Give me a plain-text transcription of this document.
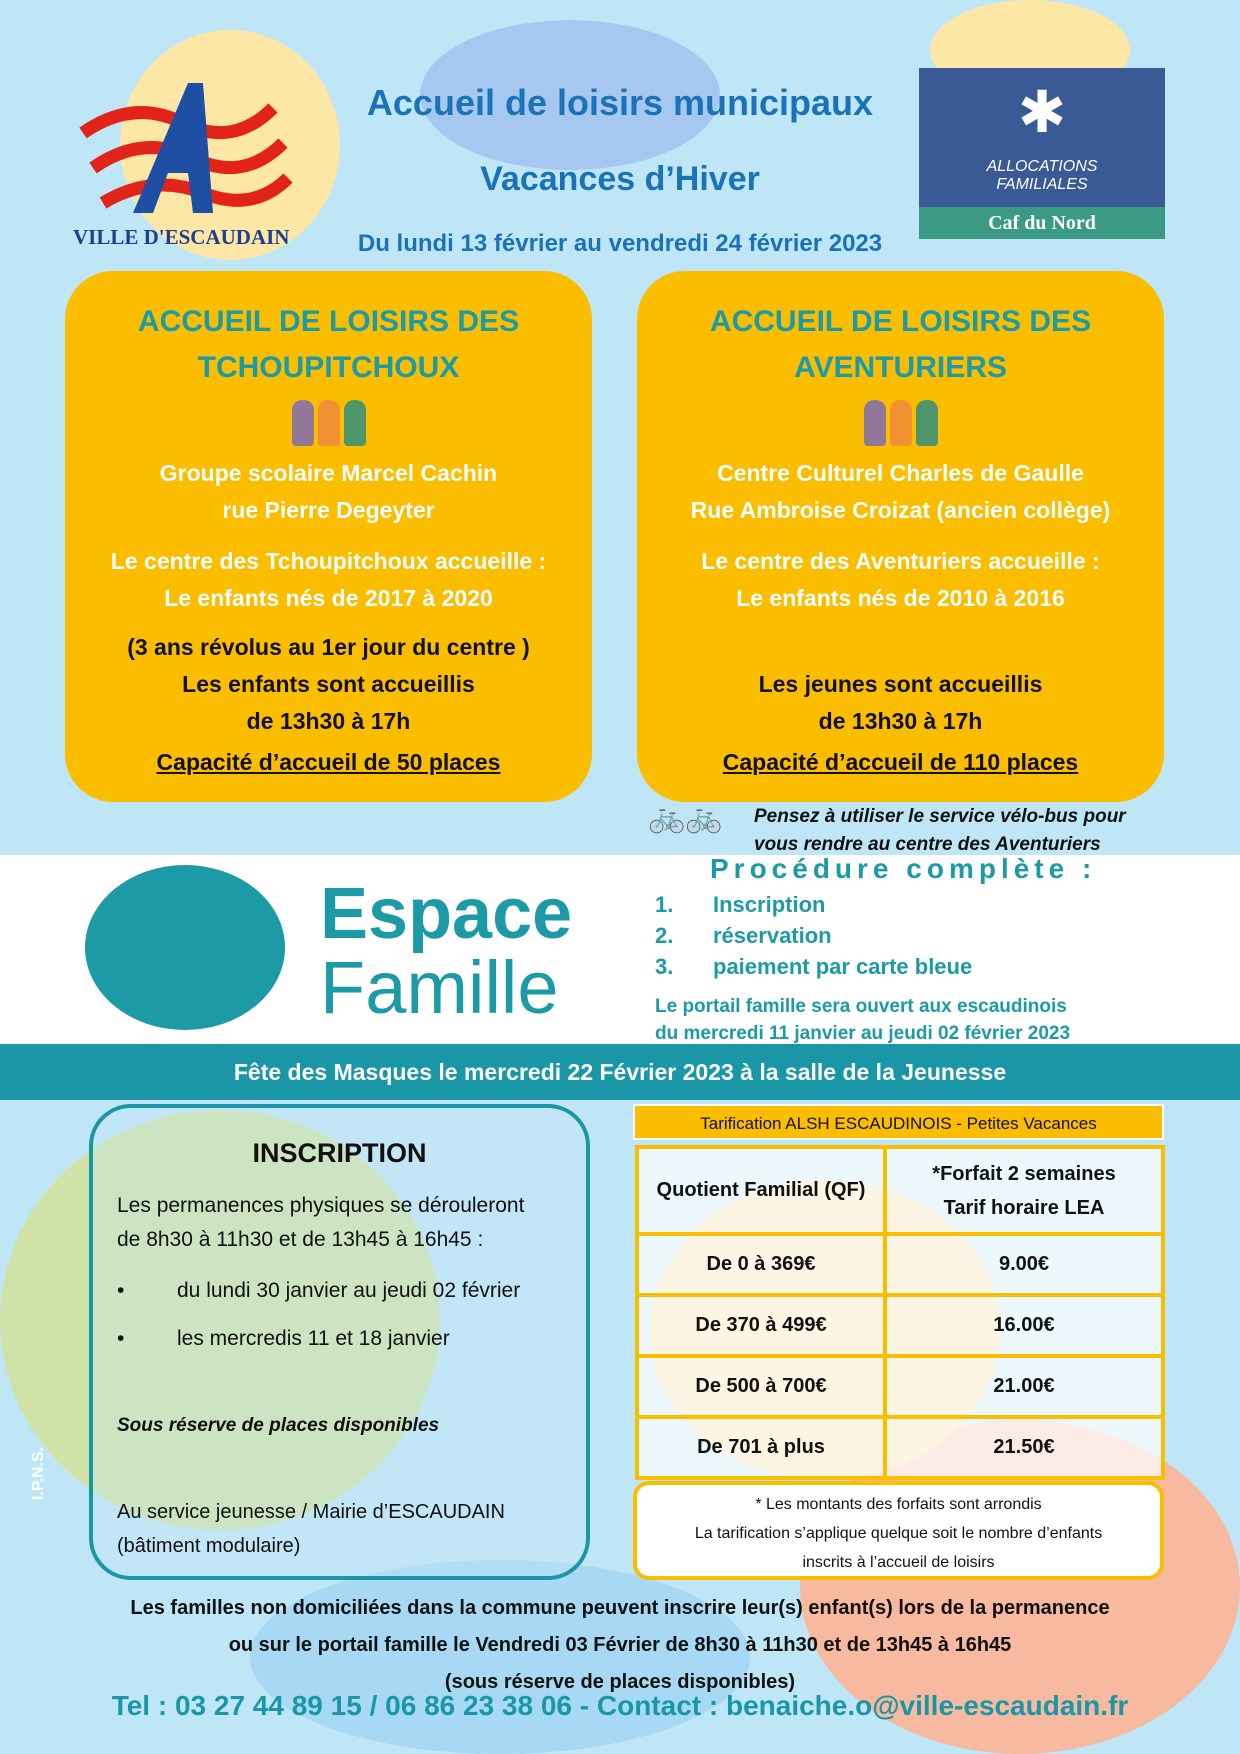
VILLE D'ESCAUDAIN
Accueil de loisirs municipaux
Vacances d’Hiver
Du lundi 13 février au vendredi 24 février 2023
✱
ALLOCATIONS
FAMILIALES
Caf du Nord
ACCUEIL DE LOISIRS DES
TCHOUPITCHOUX

Groupe scolaire Marcel Cachin

rue Pierre Degeyter

Le centre des Tchoupitchoux accueille :

Le enfants nés de 2017 à 2020

(3 ans révolus au 1er jour du centre )

Les enfants sont accueillis

de 13h30 à 17h

Capacité d’accueil de 50 places

ACCUEIL DE LOISIRS DES
AVENTURIERS

Centre Culturel Charles de Gaulle

Rue Ambroise Croizat (ancien collège)

Le centre des Aventuriers accueille :

Le enfants nés de 2010 à 2016

Les jeunes sont accueillis

de 13h30 à 17h

Capacité d’accueil de 110 places

🚲🚲 Pensez à utiliser le service vélo-bus pour
vous rendre au centre des Aventuriers
Espace
Famille
Procédure complète :
1. Inscription
2. réservation
3. paiement par carte bleue
Le portail famille sera ouvert aux escaudinois
du mercredi 11 janvier au jeudi 02 février 2023
Fête des Masques le mercredi 22 Février 2023 à la salle de la Jeunesse
INSCRIPTION
Les permanences physiques se dérouleront
de 8h30 à 11h30 et de 13h45 à 16h45 :
•	du lundi 30 janvier au jeudi 02 février
•	les mercredis 11 et 18 janvier
Sous réserve de places disponibles
Au service jeunesse / Mairie d’ESCAUDAIN
(bâtiment modulaire)
I.P.N.S.
Tarification ALSH ESCAUDINOIS - Petites Vacances
Quotient Familial (QF)	*Forfait 2 semaines
Tarif horaire LEA

De 0 à 369€	9.00€
De 370 à 499€	16.00€
De 500 à 700€	21.00€
De 701 à plus	21.50€
* Les montants des forfaits sont arrondis
La tarification s’applique quelque soit le nombre d’enfants
inscrits à l’accueil de loisirs
Les familles non domiciliées dans la commune peuvent inscrire leur(s) enfant(s) lors de la permanence
ou sur le portail famille le Vendredi 03 Février de 8h30 à 11h30 et de 13h45 à 16h45
(sous réserve de places disponibles)
Tel : 03 27 44 89 15 / 06 86 23 38 06 - Contact : benaiche.o@ville-escaudain.fr
